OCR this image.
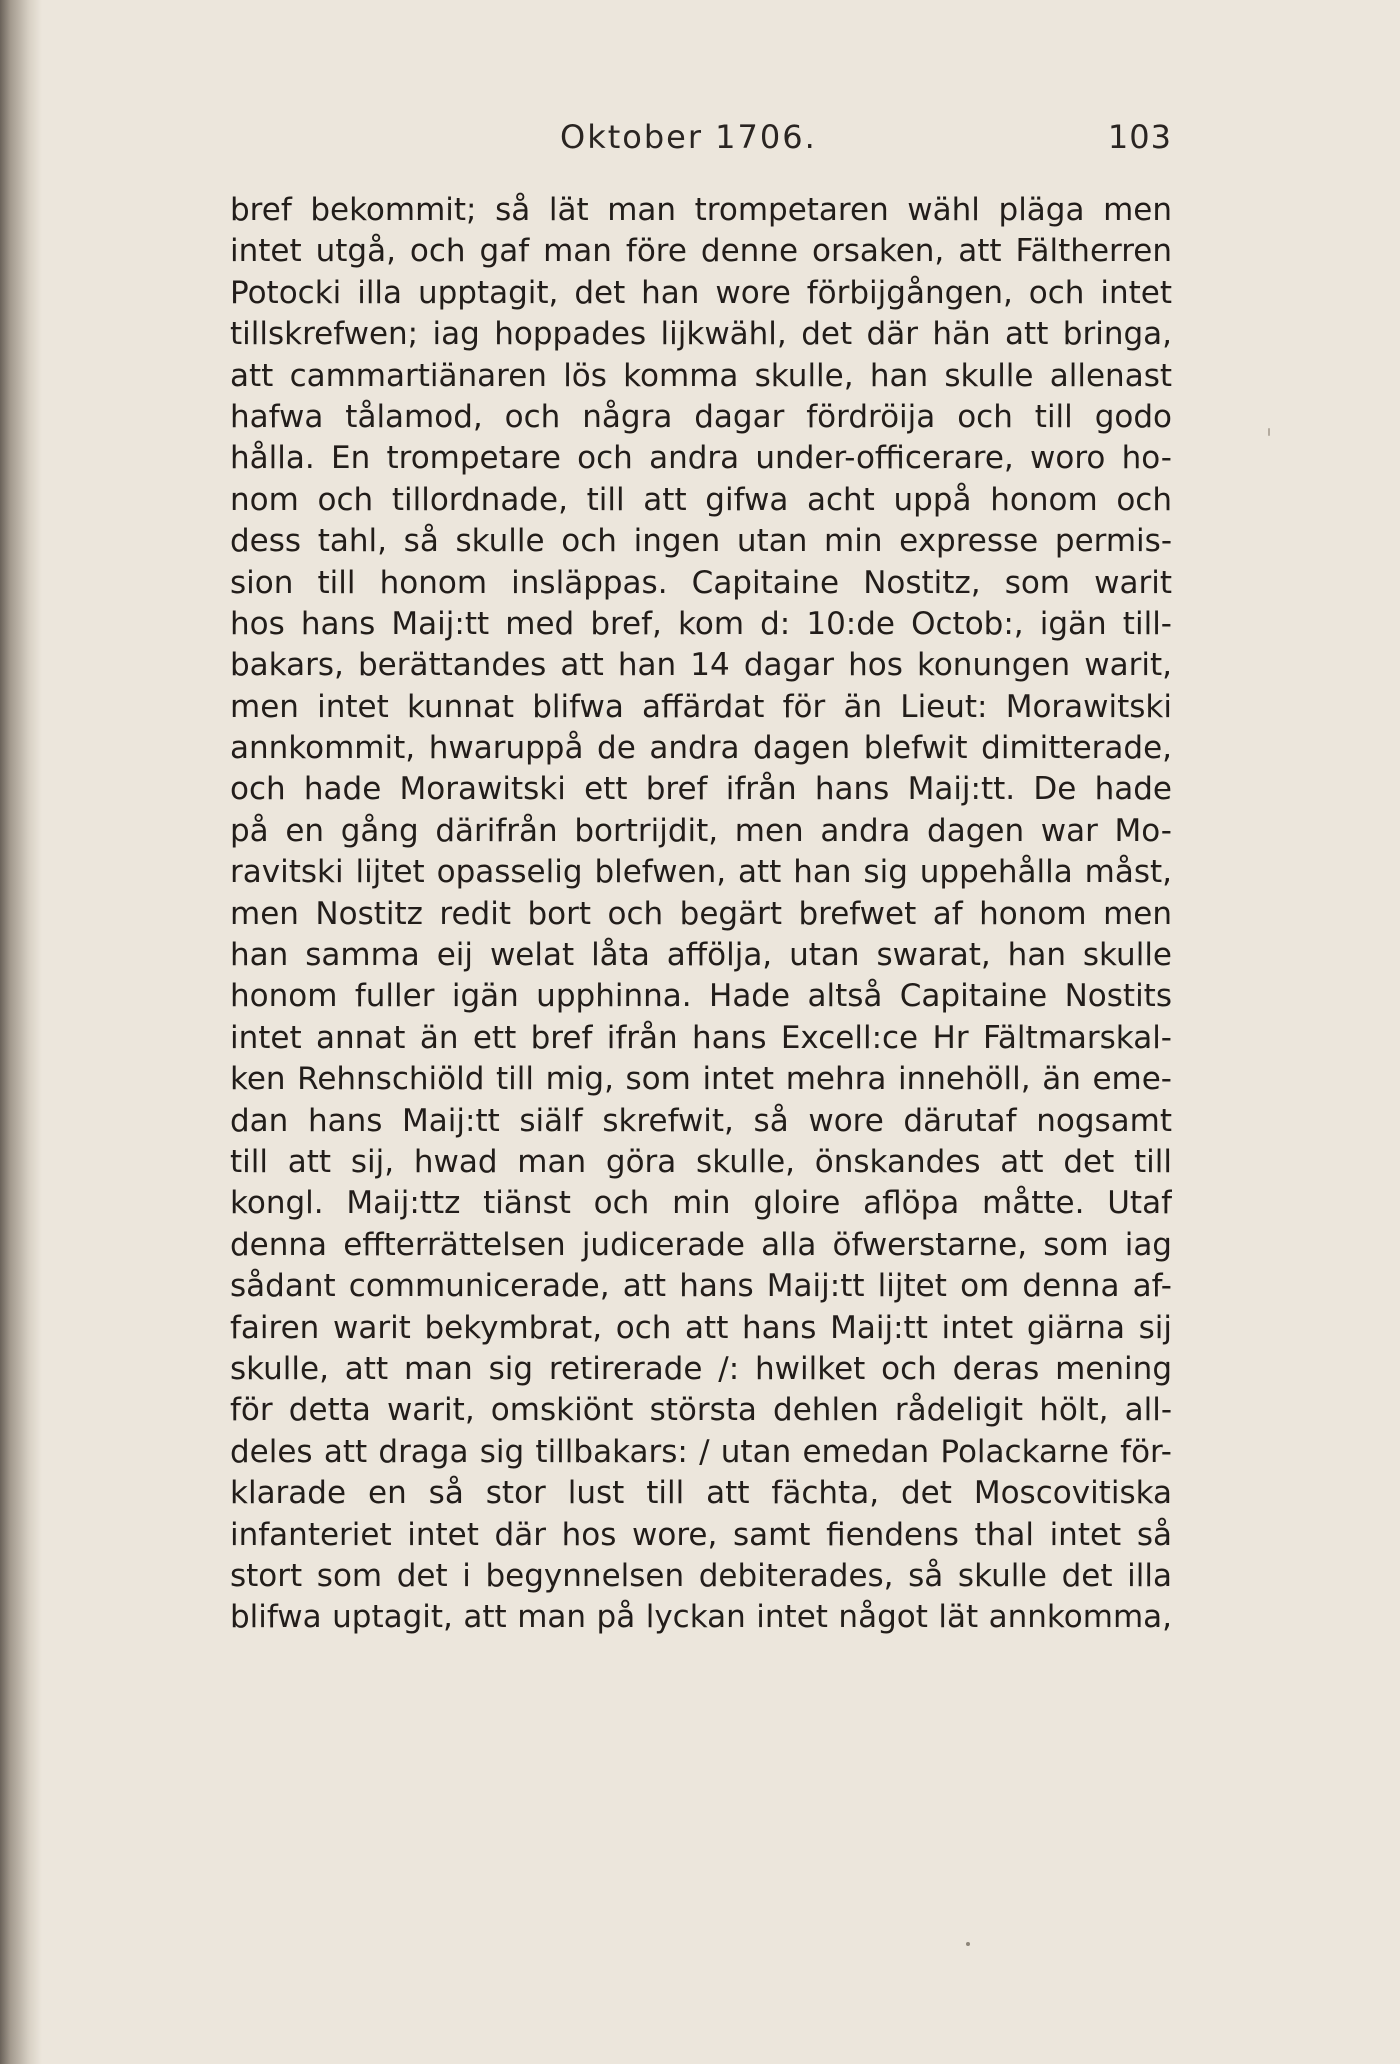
Oktober 1706.	103
bref bekommit; så lät man trompetaren wähl pläga men
intet utgå, och gaf man före denne orsaken, att Fältherren
Potocki illa upptagit, det han wore förbijgången, och intet
tillskrefwen; iag hoppades lijkwähl, det där hän att bringa,
att cammartiänaren lös komma skulle, han skulle allenast
hafwa tålamod, och några dagar fördröija och till godo
hålla. En trompetare och andra under-officerare, woro ho-
nom och tillordnade, till att gifwa acht uppå honom och
dess tahl, så skulle och ingen utan min expresse permis-
sion till honom insläppas. Capitaine Nostitz, som warit
hos hans Maij:tt med bref, kom d: 10:de Octob:, igän till-
bakars, berättandes att han 14 dagar hos konungen warit,
men intet kunnat blifwa affärdat för än Lieut: Morawitski
annkommit, hwaruppå de andra dagen blefwit dimitterade,
och hade Morawitski ett bref ifrån hans Maij:tt. De hade
på en gång därifrån bortrijdit, men andra dagen war Mo-
ravitski lijtet opasselig blefwen, att han sig uppehålla måst,
men Nostitz redit bort och begärt brefwet af honom men
han samma eij welat låta affölja, utan swarat, han skulle
honom fuller igän upphinna. Hade altså Capitaine Nostits
intet annat än ett bref ifrån hans Excell:ce Hr Fältmarskal-
ken Rehnschiöld till mig, som intet mehra innehöll, än eme-
dan hans Maij:tt siälf skrefwit, så wore därutaf nogsamt
till att sij, hwad man göra skulle, önskandes att det till
kongl. Maij:ttz tiänst och min gloire aflöpa måtte. Utaf
denna effterrättelsen judicerade alla öfwerstarne, som iag
sådant communicerade, att hans Maij:tt lijtet om denna af-
fairen warit bekymbrat, och att hans Maij:tt intet giärna sij
skulle, att man sig retirerade /: hwilket och deras mening
för detta warit, omskiönt största dehlen rådeligit hölt, all-
deles att draga sig tillbakars: / utan emedan Polackarne för-
klarade en så stor lust till att fächta, det Moscovitiska
infanteriet intet där hos wore, samt fiendens thal intet så
stort som det i begynnelsen debiterades, så skulle det illa
blifwa uptagit, att man på lyckan intet något lät annkomma,
